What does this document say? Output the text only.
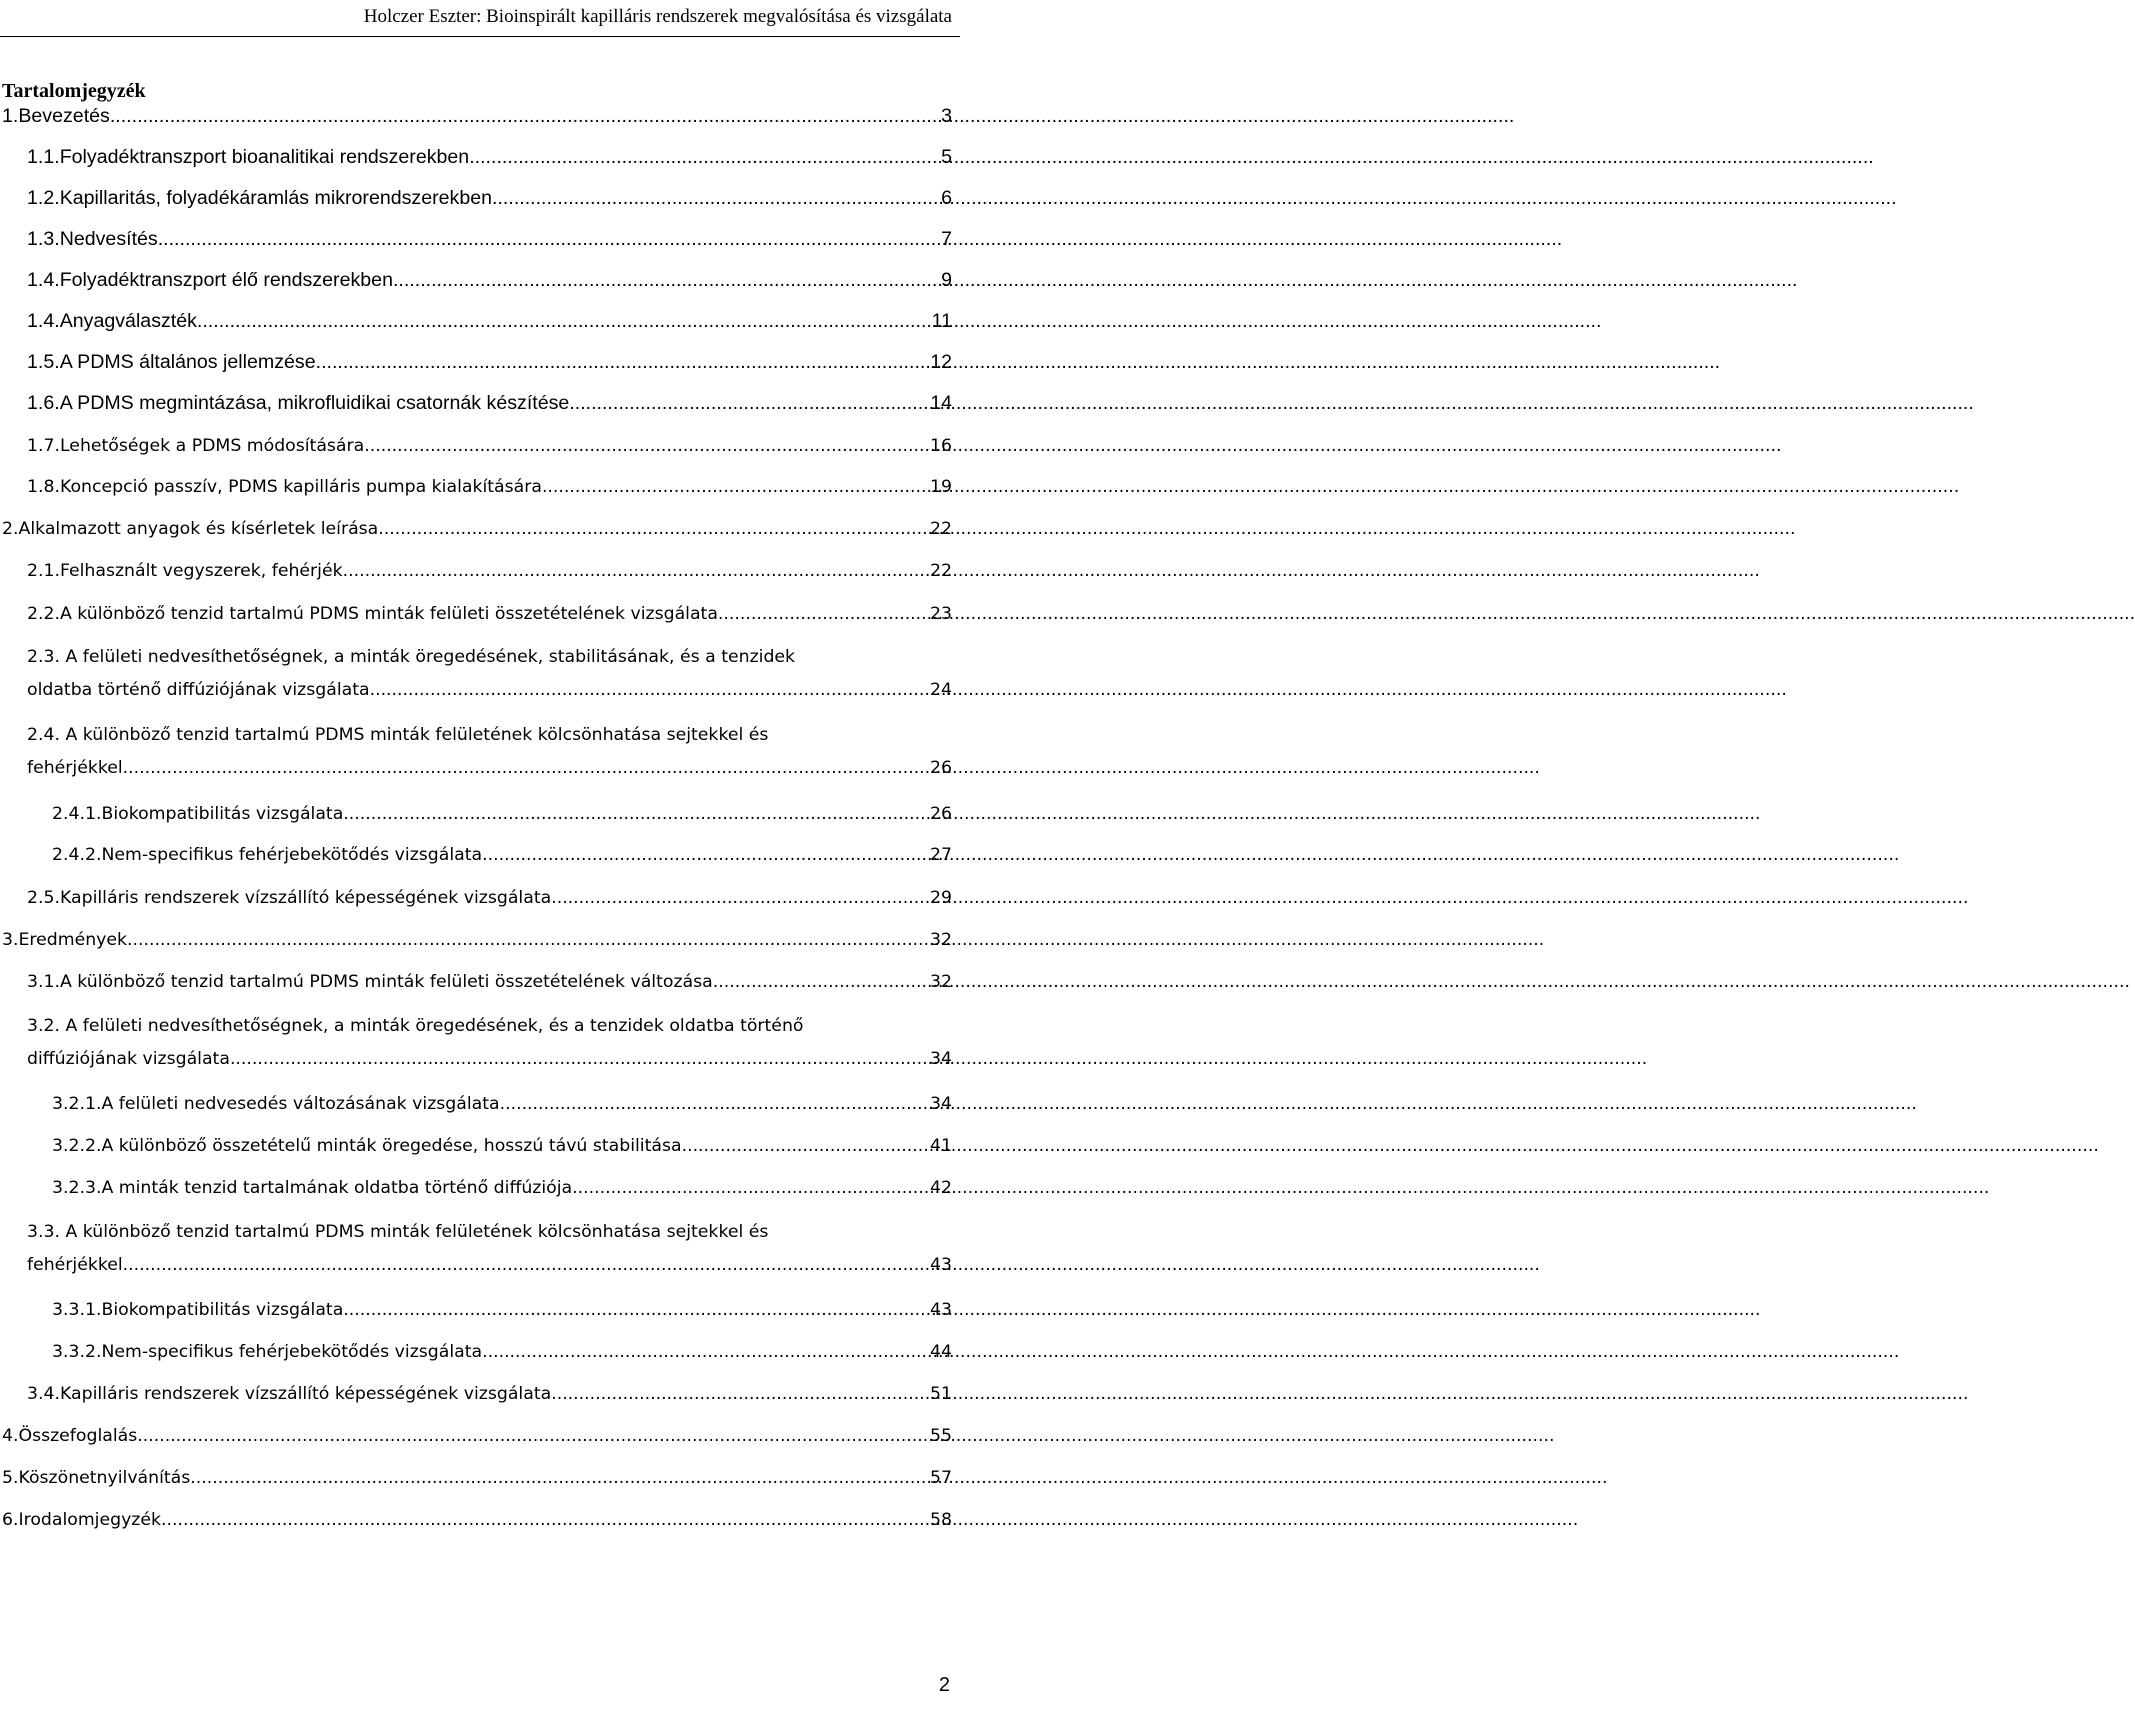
Holczer Eszter: Bioinspirált kapilláris rendszerek megvalósítása és vizsgálata
Tartalomjegyzék
1. Bevezetés .....	3
1.1. Folyadéktranszport bioanalitikai rendszerekben .....	5
1.2. Kapillaritás, folyadékáramlás mikrorendszerekben .....	6
1.3. Nedvesítés .....	7
1.4. Folyadéktranszport élő rendszerekben .....	9
1.4. Anyagválaszték .....	11
1.5. A PDMS általános jellemzése .....	12
1.6. A PDMS megmintázása, mikrofluidikai csatornák készítése .....	14
1.7. Lehetőségek a PDMS módosítására .....	16
1.8. Koncepció passzív, PDMS kapilláris pumpa kialakítására .....	19
2. Alkalmazott anyagok és kísérletek leírása .....	22
2.1. Felhasznált vegyszerek, fehérjék .....	22
2.2. A különböző tenzid tartalmú PDMS minták felületi összetételének vizsgálata .....	23
2.3. A felületi nedvesíthetőségnek, a minták öregedésének, stabilitásának, és a tenzidek
oldatba történő diffúziójának vizsgálata .....	24
2.4. A különböző tenzid tartalmú PDMS minták felületének kölcsönhatása sejtekkel és
fehérjékkel .....	26
2.4.1. Biokompatibilitás vizsgálata .....	26
2.4.2. Nem-specifikus fehérjebekötődés vizsgálata .....	27
2.5. Kapilláris rendszerek vízszállító képességének vizsgálata .....	29
3. Eredmények .....	32
3.1. A különböző tenzid tartalmú PDMS minták felületi összetételének változása .....	32
3.2. A felületi nedvesíthetőségnek, a minták öregedésének, és a tenzidek oldatba történő
diffúziójának vizsgálata .....	34
3.2.1. A felületi nedvesedés változásának vizsgálata .....	34
3.2.2. A különböző összetételű minták öregedése, hosszú távú stabilitása .....	41
3.2.3. A minták tenzid tartalmának oldatba történő diffúziója .....	42
3.3. A különböző tenzid tartalmú PDMS minták felületének kölcsönhatása sejtekkel és
fehérjékkel .....	43
3.3.1. Biokompatibilitás vizsgálata .....	43
3.3.2. Nem-specifikus fehérjebekötődés vizsgálata .....	44
3.4. Kapilláris rendszerek vízszállító képességének vizsgálata .....	51
4. Összefoglalás .....	55
5. Köszönetnyilvánítás .....	57
6. Irodalomjegyzék .....	58
2
